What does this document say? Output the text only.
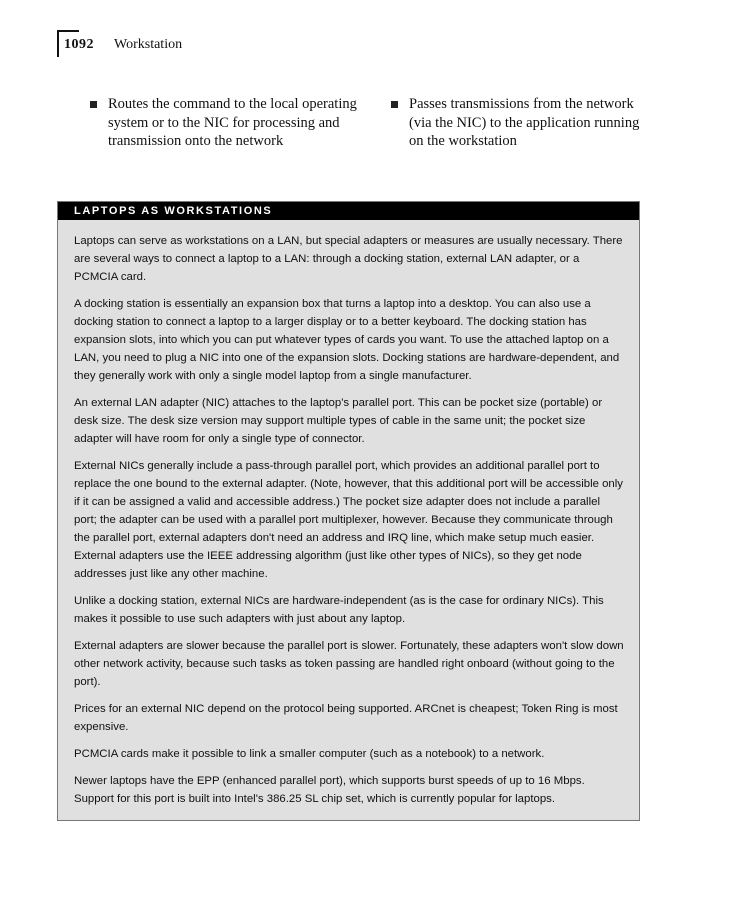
1092 Workstation
Routes the command to the local operating system or to the NIC for processing and transmission onto the network
Passes transmissions from the network (via the NIC) to the application running on the workstation
LAPTOPS AS WORKSTATIONS

Laptops can serve as workstations on a LAN, but special adapters or measures are usually necessary. There are several ways to connect a laptop to a LAN: through a docking station, external LAN adapter, or a PCMCIA card.

A docking station is essentially an expansion box that turns a laptop into a desktop. You can also use a docking station to connect a laptop to a larger display or to a better keyboard. The docking station has expansion slots, into which you can put whatever types of cards you want. To use the attached laptop on a LAN, you need to plug a NIC into one of the expansion slots. Docking stations are hardware-dependent, and they generally work with only a single model laptop from a single manufacturer.

An external LAN adapter (NIC) attaches to the laptop's parallel port. This can be pocket size (portable) or desk size. The desk size version may support multiple types of cable in the same unit; the pocket size adapter will have room for only a single type of connector.

External NICs generally include a pass-through parallel port, which provides an additional parallel port to replace the one bound to the external adapter. (Note, however, that this additional port will be accessible only if it can be assigned a valid and accessible address.) The pocket size adapter does not include a parallel port; the adapter can be used with a parallel port multiplexer, however. Because they communicate through the parallel port, external adapters don't need an address and IRQ line, which make setup much easier. External adapters use the IEEE addressing algorithm (just like other types of NICs), so they get node addresses just like any other machine.

Unlike a docking station, external NICs are hardware-independent (as is the case for ordinary NICs). This makes it possible to use such adapters with just about any laptop.

External adapters are slower because the parallel port is slower. Fortunately, these adapters won't slow down other network activity, because such tasks as token passing are handled right onboard (without going to the port).

Prices for an external NIC depend on the protocol being supported. ARCnet is cheapest; Token Ring is most expensive.

PCMCIA cards make it possible to link a smaller computer (such as a notebook) to a network.

Newer laptops have the EPP (enhanced parallel port), which supports burst speeds of up to 16 Mbps. Support for this port is built into Intel's 386.25 SL chip set, which is currently popular for laptops.
